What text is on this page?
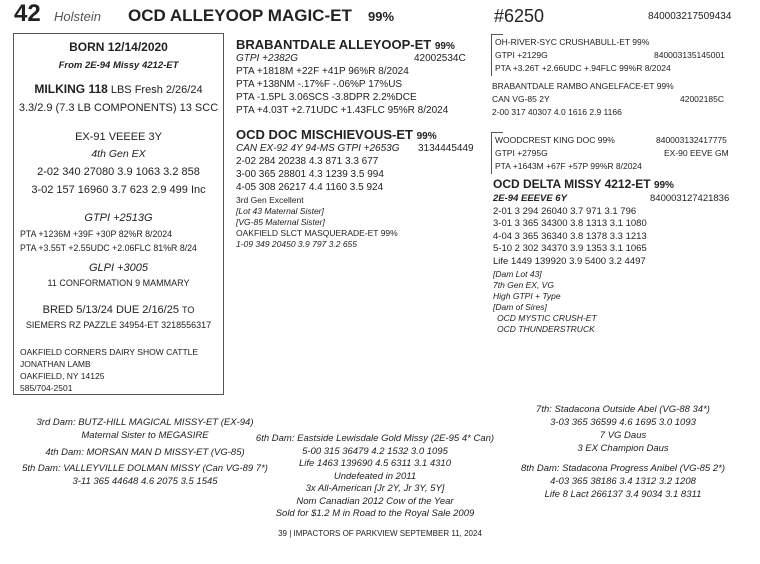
42 Holstein OCD ALLEYOOP MAGIC-ET 99%	#6250	840003217509434
BORN 12/14/2020
From 2E-94 Missy 4212-ET
MILKING 118 LBS Fresh 2/26/24
3.3/2.9 (7.3 LB COMPONENTS) 13 SCC
EX-91 VEEEE 3Y
4th Gen EX
2-02 340 27080 3.9 1063 3.2 858
3-02 157 16960 3.7 623 2.9 499 Inc
GTPI +2513G
PTA +1236M +39F +30P 82%R 8/2024
PTA +3.55T +2.55UDC +2.06FLC 81%R 8/24
GLPI +3005
11 CONFORMATION 9 MAMMARY
BRED 5/13/24 DUE 2/16/25 TO
SIEMERS RZ PAZZLE 34954-ET 3218556317
OAKFIELD CORNERS DAIRY SHOW CATTLE
JONATHAN LAMB
OAKFIELD, NY 14125
585/704-2501
BRABANTDALE ALLEYOOP-ET 99%
GTPI +2382G	42002534C
PTA +1818M +22F +41P 96%R 8/2024
PTA +138NM -.17%F -.06%P 17%US
PTA -1.5PL 3.06SCS -3.8DPR 2.2%DCE
PTA +4.03T +2.71UDC +1.43FLC 95%R 8/2024
OCD DOC MISCHIEVOUS-ET 99%
CAN EX-92 4Y 94-MS GTPI +2653G 3134445449
2-02 284 20238 4.3 871 3.3 677
3-00 365 28801 4.3 1239 3.5 994
4-05 308 26217 4.4 1160 3.5 924
3rd Gen Excellent
[Lot 43 Maternal Sister]
[VG-85 Maternal Sister]
OAKFIELD SLCT MASQUERADE-ET 99%
1-09 349 20450 3.9 797 3.2 655
OH-RIVER-SYC CRUSHABULL-ET 99%
GTPI +2129G	840003135145001
PTA +3.26T +2.66UDC +.94FLC 99%R 8/2024
BRABANTDALE RAMBO ANGELFACE-ET 99%
CAN VG-85 2Y	42002185C
2-00 317 40307 4.0 1616 2.9 1166
WOODCREST KING DOC 99%	840003132417775
GTPI +2795G	EX-90 EEVE GM
PTA +1643M +67F +57P 99%R 8/2024
OCD DELTA MISSY 4212-ET 99%
2E-94 EEEVE 6Y	840003127421836
2-01 3 294 26040 3.7 971 3.1 796
3-01 3 365 34300 3.8 1313 3.1 1080
4-04 3 365 36340 3.8 1378 3.3 1213
5-10 2 302 34370 3.9 1353 3.1 1065
Life 1449 139920 3.9 5400 3.2 4497
[Dam Lot 43]
7th Gen EX, VG
High GTPI + Type
[Dam of Sires]
OCD MYSTIC CRUSH-ET
OCD THUNDERSTRUCK
3rd Dam: BUTZ-HILL MAGICAL MISSY-ET (EX-94)
Maternal Sister to MEGASIRE
4th Dam: MORSAN MAN D MISSY-ET (VG-85)
5th Dam: VALLEYVILLE DOLMAN MISSY (Can VG-89 7*)
3-11 365 44648 4.6 2075 3.5 1545
6th Dam: Eastside Lewisdale Gold Missy (2E-95 4* Can)
5-00 315 36479 4.2 1532 3.0 1095
Life 1463 139690 4.5 6311 3.1 4310
Undefeated in 2011
3x All-American [Jr 2Y, Jr 3Y, 5Y]
Nom Canadian 2012 Cow of the Year
Sold for $1.2 M in Road to the Royal Sale 2009
7th: Stadacona Outside Abel (VG-88 34*)
3-03 365 36599 4.6 1695 3.0 1093
7 VG Daus
3 EX Champion Daus
8th Dam: Stadacona Progress Anibel (VG-85 2*)
4-03 365 38186 3.4 1312 3.2 1208
Life 8 Lact 266137 3.4 9034 3.1 8311
39 | IMPACTORS OF PARKVIEW SEPTEMBER 11, 2024
